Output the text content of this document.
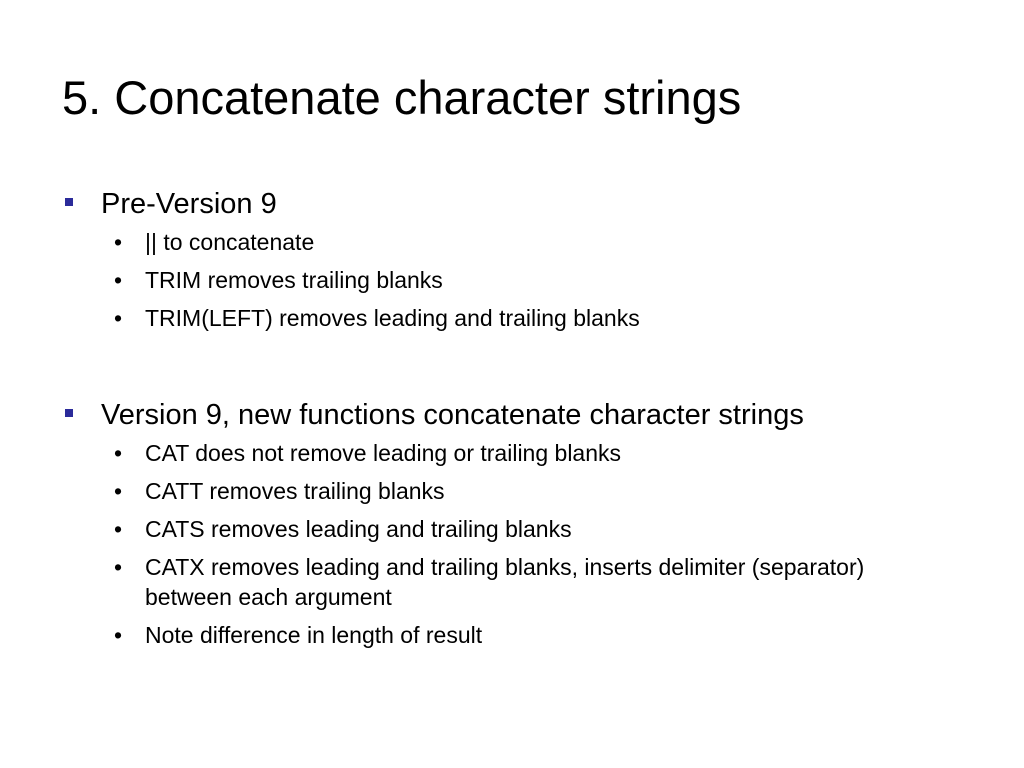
5. Concatenate character strings
Pre-Version 9
• || to concatenate
• TRIM removes trailing blanks
• TRIM(LEFT) removes leading and trailing blanks
Version 9, new functions concatenate character strings
• CAT does not remove leading or trailing blanks
• CATT removes trailing blanks
• CATS removes leading and trailing blanks
• CATX removes leading and trailing blanks, inserts delimiter (separator) between each argument
• Note difference in length of result
